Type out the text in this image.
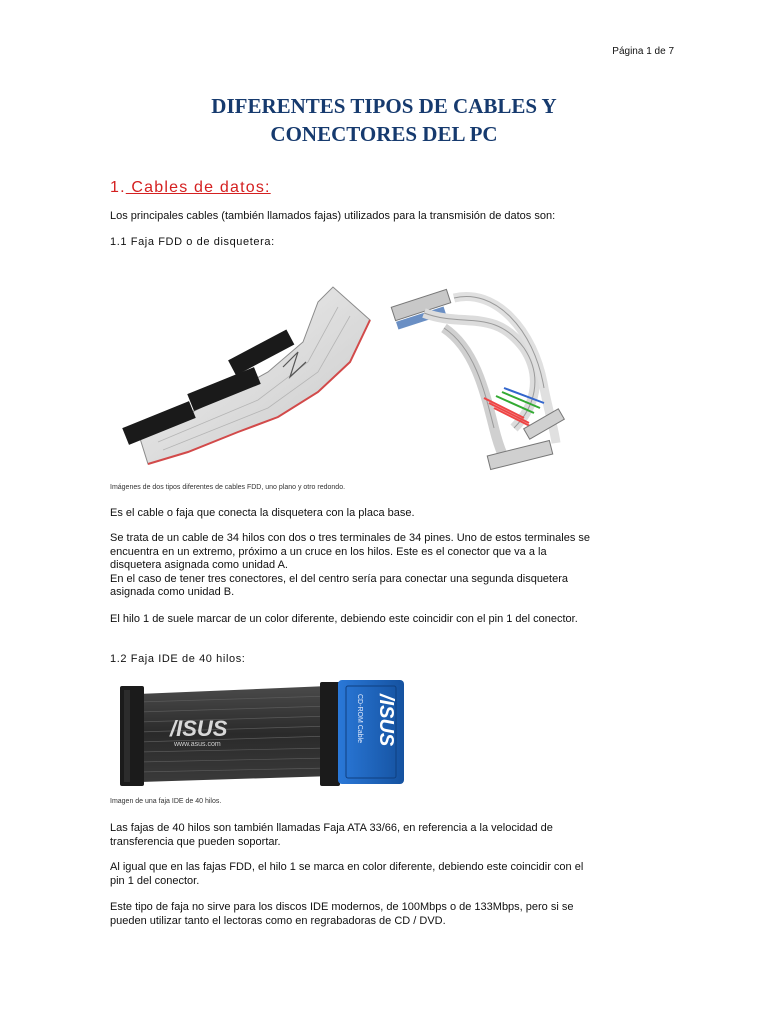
Página 1 de 7
DIFERENTES TIPOS DE CABLES Y
CONECTORES DEL PC
1. Cables de datos:

Los principales cables (también llamados fajas) utilizados para la transmisión de datos son:

1.1 Faja FDD o de disquetera:

Imágenes de dos tipos diferentes de cables FDD, uno plano y otro redondo.

Es el cable o faja que conecta la disquetera con la placa base.

Se trata de un cable de 34 hilos con dos o tres terminales de 34 pines. Uno de estos terminales se
encuentra en un extremo, próximo a un cruce en los hilos. Este es el conector que va a la
disquetera asignada como unidad A.
En el caso de tener tres conectores, el del centro sería para conectar una segunda disquetera
asignada como unidad B.

El hilo 1 de suele marcar de un color diferente, debiendo este coincidir con el pin 1 del conector.

1.2 Faja IDE de 40 hilos:

/ISUS
www.asus.com	/ISUS
CD-ROM Cable
Imagen de una faja IDE de 40 hilos.
Las fajas de 40 hilos son también llamadas Faja ATA 33/66, en referencia a la velocidad de
transferencia que pueden soportar.
Al igual que en las fajas FDD, el hilo 1 se marca en color diferente, debiendo este coincidir con el
pin 1 del conector.
Este tipo de faja no sirve para los discos IDE modernos, de 100Mbps o de 133Mbps, pero si se
pueden utilizar tanto el lectoras como en regrabadoras de CD / DVD.
